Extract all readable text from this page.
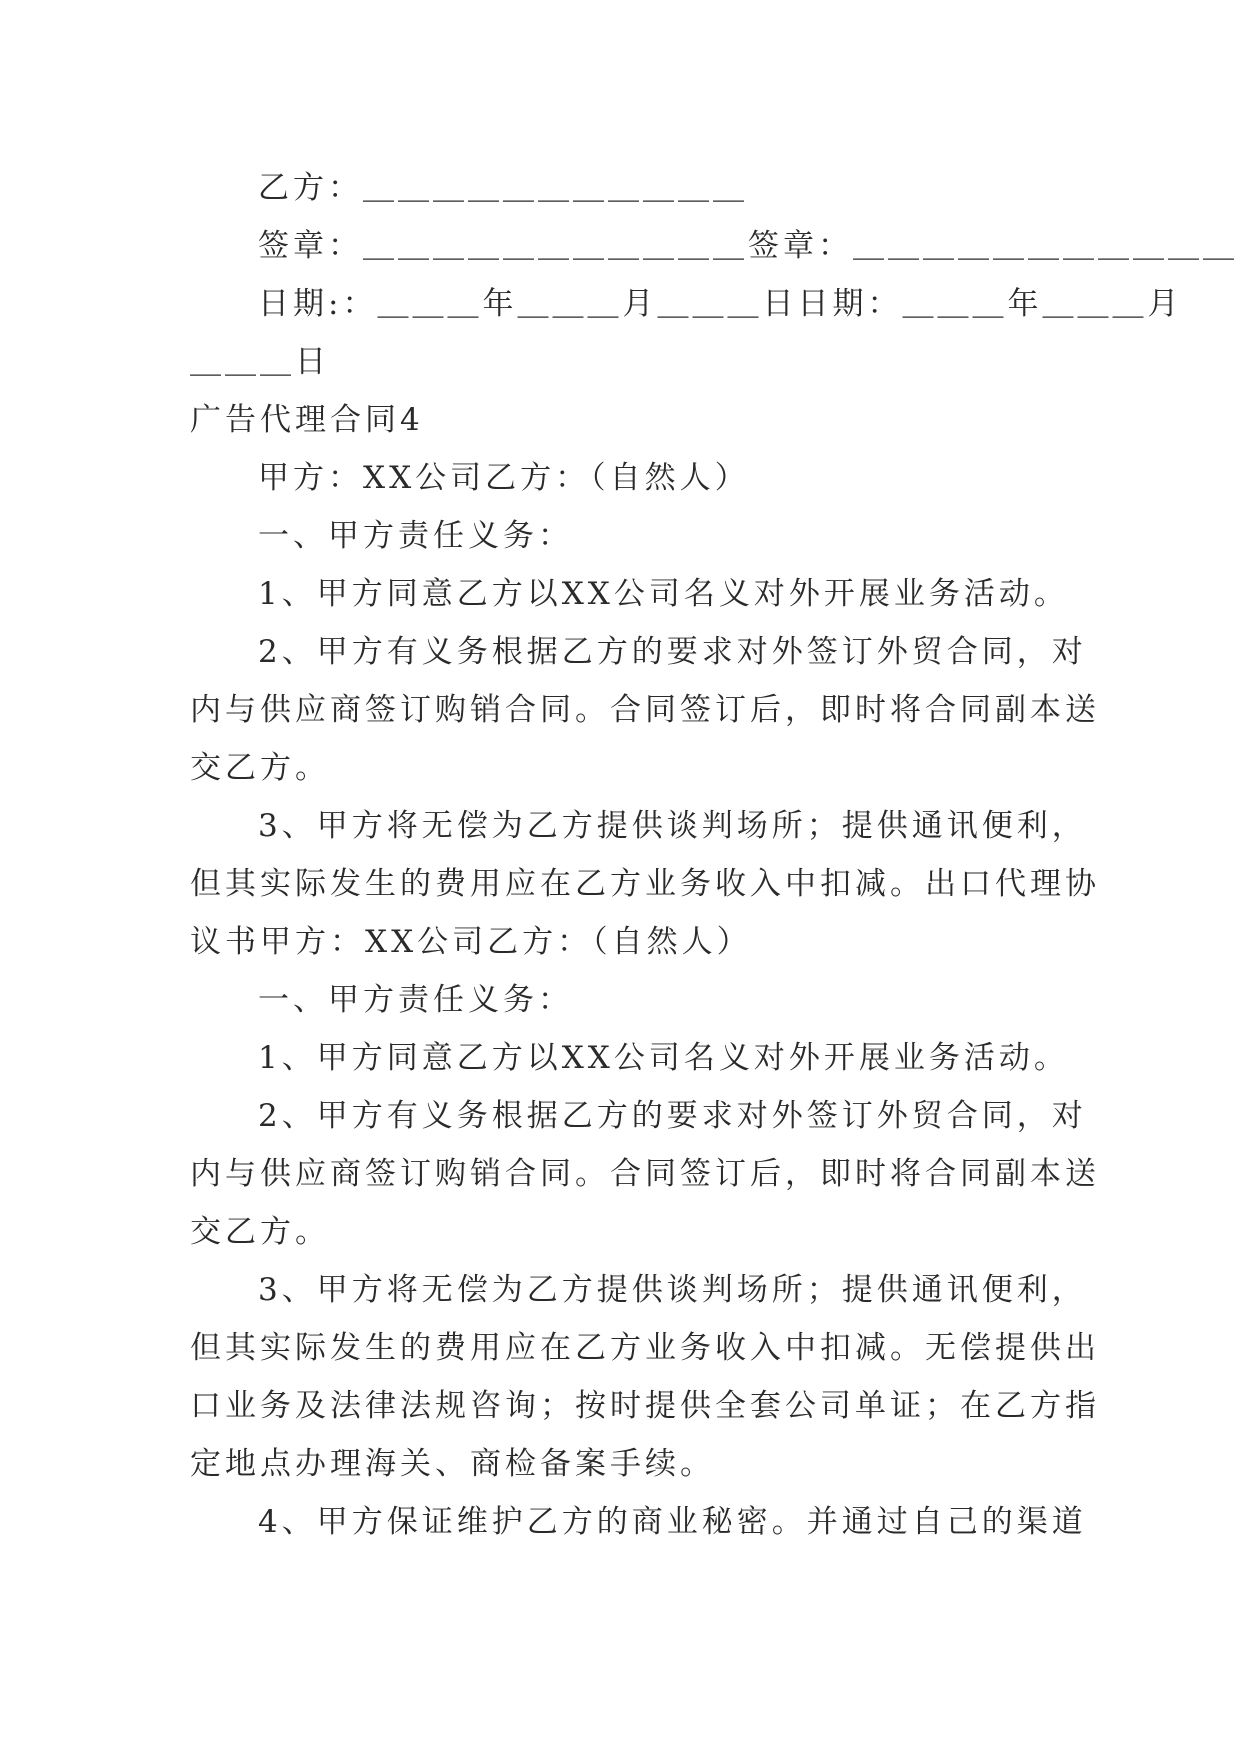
乙方：＿＿＿＿＿＿＿＿＿＿＿
签章：＿＿＿＿＿＿＿＿＿＿＿签章：＿＿＿＿＿＿＿＿＿＿＿
日期:：＿＿＿年＿＿＿月＿＿＿日日期：＿＿＿年＿＿＿月
＿＿＿日
广告代理合同4
甲方：XX公司乙方：（自然人）
一、甲方责任义务：
1、甲方同意乙方以XX公司名义对外开展业务活动。
2、甲方有义务根据乙方的要求对外签订外贸合同，对
内与供应商签订购销合同。合同签订后，即时将合同副本送
交乙方。
3、甲方将无偿为乙方提供谈判场所；提供通讯便利，
但其实际发生的费用应在乙方业务收入中扣减。出口代理协
议书甲方：XX公司乙方：（自然人）
一、甲方责任义务：
1、甲方同意乙方以XX公司名义对外开展业务活动。
2、甲方有义务根据乙方的要求对外签订外贸合同，对
内与供应商签订购销合同。合同签订后，即时将合同副本送
交乙方。
3、甲方将无偿为乙方提供谈判场所；提供通讯便利，
但其实际发生的费用应在乙方业务收入中扣减。无偿提供出
口业务及法律法规咨询；按时提供全套公司单证；在乙方指
定地点办理海关、商检备案手续。
4、甲方保证维护乙方的商业秘密。并通过自己的渠道
